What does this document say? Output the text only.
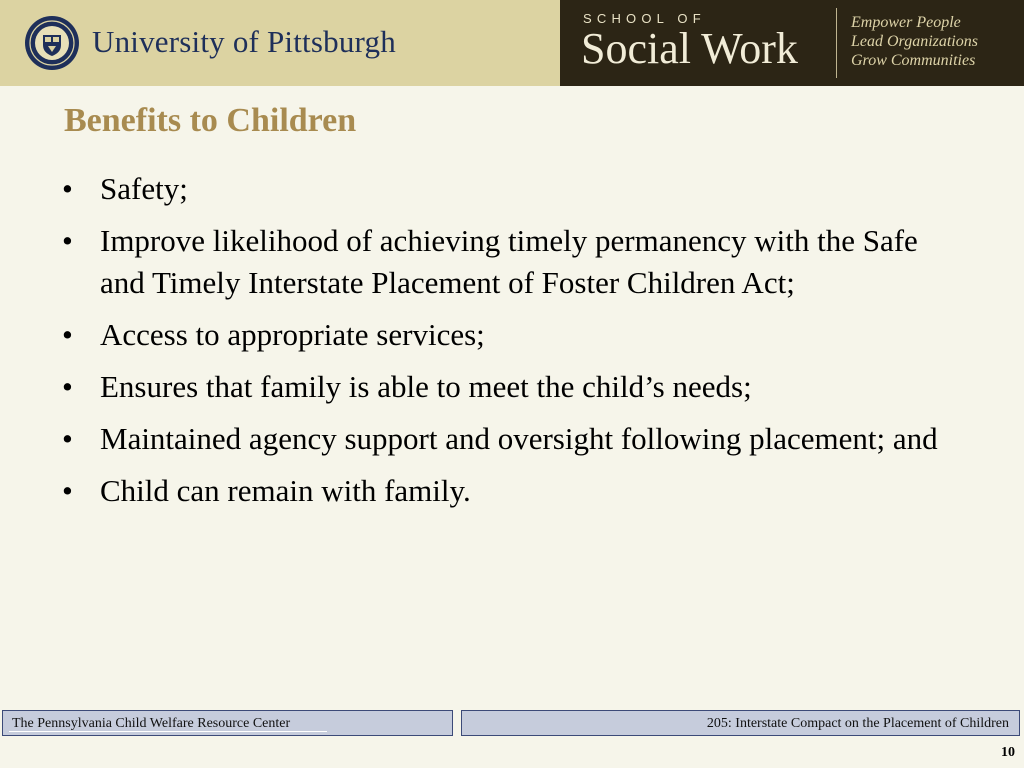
University of Pittsburgh
SCHOOL OF
Social Work
Empower People
Lead Organizations
Grow Communities
Benefits to Children
• Safety;
• Improve likelihood of achieving timely permanency with the Safe and Timely Interstate Placement of Foster Children Act;
• Access to appropriate services;
• Ensures that family is able to meet the child’s needs;
• Maintained agency support and oversight following placement; and
• Child can remain with family.
The Pennsylvania Child Welfare Resource Center	205: Interstate Compact on the Placement of Children
10
